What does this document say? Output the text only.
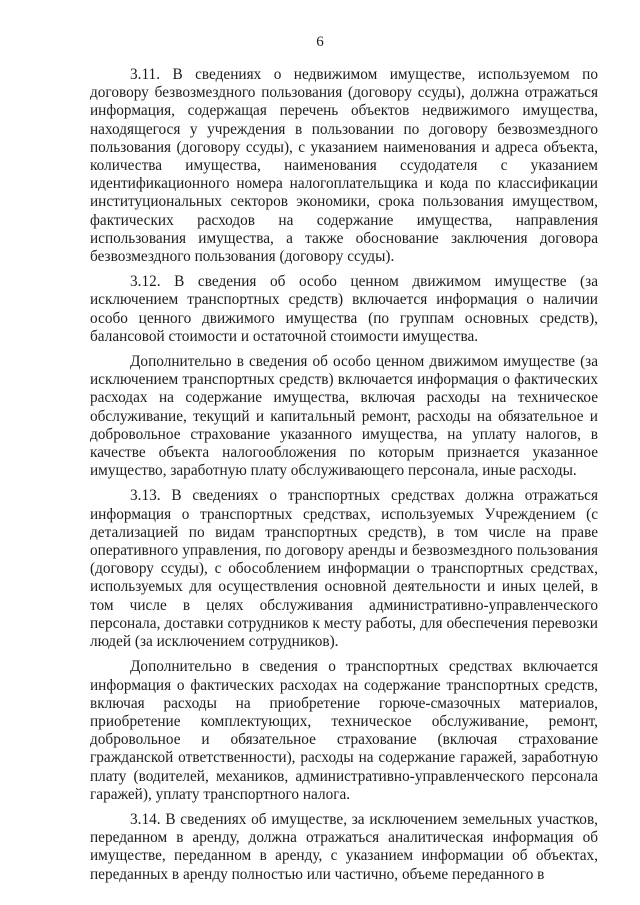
6

3.11. В сведениях о недвижимом имуществе, используемом по договору безвозмездного пользования (договору ссуды), должна отражаться информация, содержащая перечень объектов недвижимого имущества, находящегося у учреждения в пользовании по договору безвозмездного пользования (договору ссуды), с указанием наименования и адреса объекта, количества имущества, наименования ссудодателя с указанием идентификационного номера налогоплательщика и кода по классификации институциональных секторов экономики, срока пользования имуществом, фактических расходов на содержание имущества, направления использования имущества, а также обоснование заключения договора безвозмездного пользования (договору ссуды).

3.12. В сведения об особо ценном движимом имуществе (за исключением транспортных средств) включается информация о наличии особо ценного движимого имущества (по группам основных средств), балансовой стоимости и остаточной стоимости имущества.

Дополнительно в сведения об особо ценном движимом имуществе (за исключением транспортных средств) включается информация о фактических расходах на содержание имущества, включая расходы на техническое обслуживание, текущий и капитальный ремонт, расходы на обязательное и добровольное страхование указанного имущества, на уплату налогов, в качестве объекта налогообложения по которым признается указанное имущество, заработную плату обслуживающего персонала, иные расходы.

3.13. В сведениях о транспортных средствах должна отражаться информация о транспортных средствах, используемых Учреждением (с детализацией по видам транспортных средств), в том числе на праве оперативного управления, по договору аренды и безвозмездного пользования (договору ссуды), с обособлением информации о транспортных средствах, используемых для осуществления основной деятельности и иных целей, в том числе в целях обслуживания административно-управленческого персонала, доставки сотрудников к месту работы, для обеспечения перевозки людей (за исключением сотрудников).

Дополнительно в сведения о транспортных средствах включается информация о фактических расходах на содержание транспортных средств, включая расходы на приобретение горюче-смазочных материалов, приобретение комплектующих, техническое обслуживание, ремонт, добровольное и обязательное страхование (включая страхование гражданской ответственности), расходы на содержание гаражей, заработную плату (водителей, механиков, административно-управленческого персонала гаражей), уплату транспортного налога.

3.14. В сведениях об имуществе, за исключением земельных участков, переданном в аренду, должна отражаться аналитическая информация об имуществе, переданном в аренду, с указанием информации об объектах, переданных в аренду полностью или частично, объеме переданного в
